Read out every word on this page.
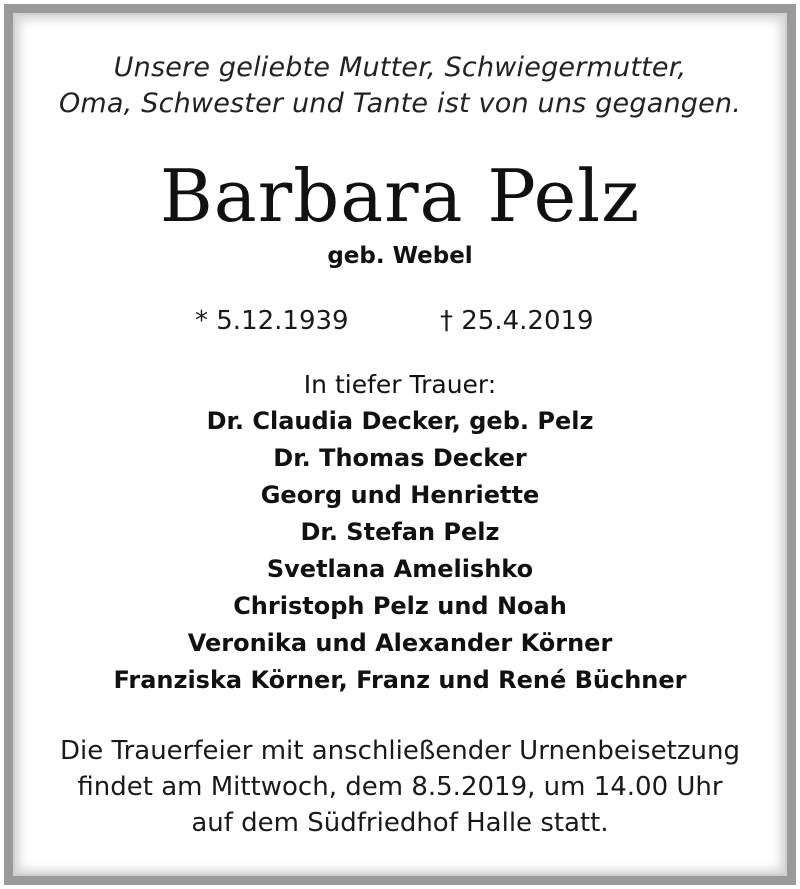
Unsere geliebte Mutter, Schwiegermutter,
Oma, Schwester und Tante ist von uns gegangen.
Barbara Pelz
geb. Webel
* 5.12.1939	† 25.4.2019
In tiefer Trauer:
Dr. Claudia Decker, geb. Pelz
Dr. Thomas Decker
Georg und Henriette
Dr. Stefan Pelz
Svetlana Amelishko
Christoph Pelz und Noah
Veronika und Alexander Körner
Franziska Körner, Franz und René Büchner
Die Trauerfeier mit anschließender Urnenbeisetzung
findet am Mittwoch, dem 8.5.2019, um 14.00 Uhr
auf dem Südfriedhof Halle statt.
